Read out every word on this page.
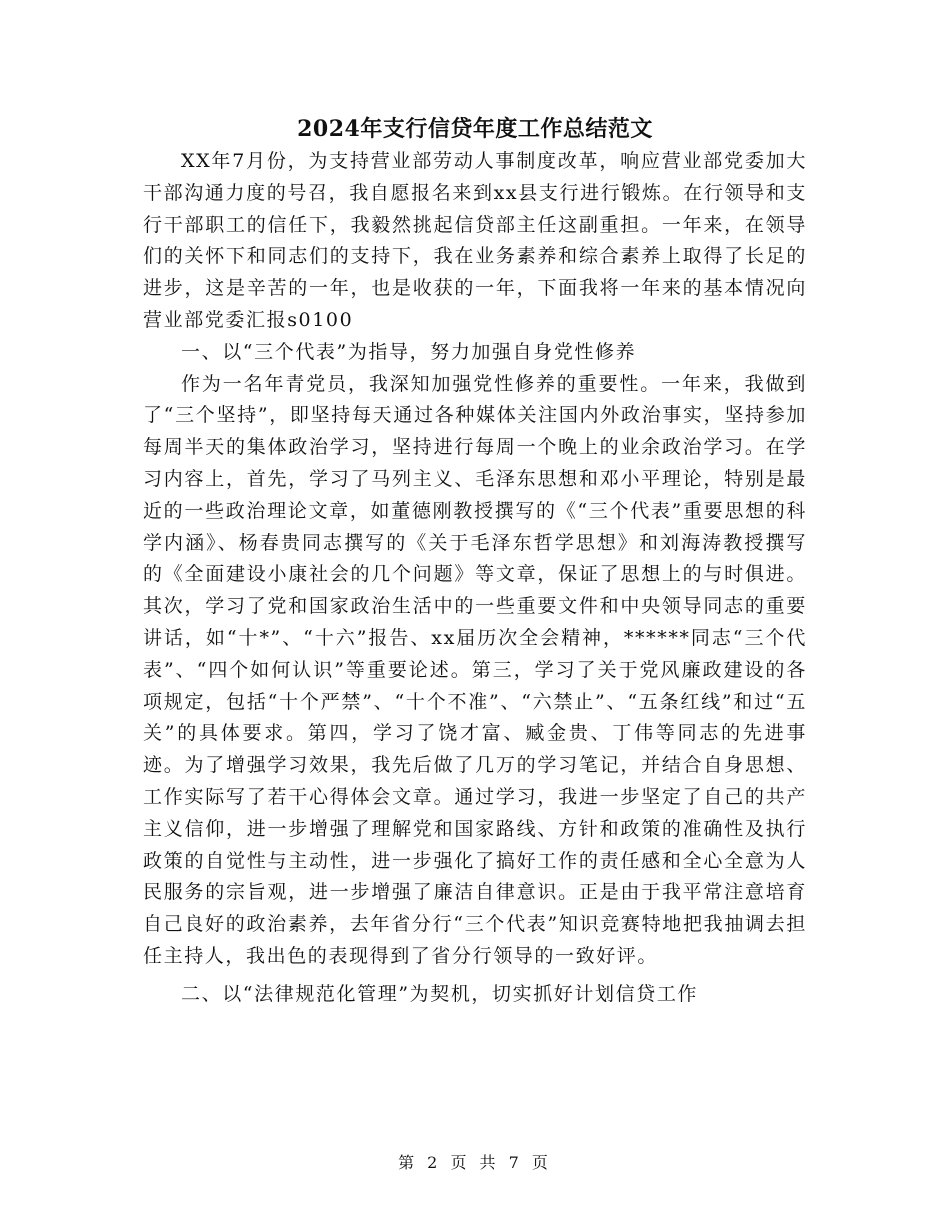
2024年支行信贷年度工作总结范文

XX年7月份，为支持营业部劳动人事制度改革，响应营业部党委加大干部沟通力度的号召，我自愿报名来到xx县支行进行锻炼。在行领导和支行干部职工的信任下，我毅然挑起信贷部主任这副重担。一年来，在领导们的关怀下和同志们的支持下，我在业务素养和综合素养上取得了长足的进步，这是辛苦的一年，也是收获的一年，下面我将一年来的基本情况向营业部党委汇报s0100

一、以“三个代表”为指导，努力加强自身党性修养

作为一名年青党员，我深知加强党性修养的重要性。一年来，我做到了“三个坚持”，即坚持每天通过各种媒体关注国内外政治事实，坚持参加每周半天的集体政治学习，坚持进行每周一个晚上的业余政治学习。在学习内容上，首先，学习了马列主义、毛泽东思想和邓小平理论，特别是最近的一些政治理论文章，如董德刚教授撰写的《“三个代表”重要思想的科学内涵》、杨春贵同志撰写的《关于毛泽东哲学思想》和刘海涛教授撰写的《全面建设小康社会的几个问题》等文章，保证了思想上的与时俱进。其次，学习了党和国家政治生活中的一些重要文件和中央领导同志的重要讲话，如“十*”、“十六”报告、xx届历次全会精神，******同志“三个代表”、“四个如何认识”等重要论述。第三，学习了关于党风廉政建设的各项规定，包括“十个严禁”、“十个不准”、“六禁止”、“五条红线”和过“五关”的具体要求。第四，学习了饶才富、臧金贵、丁伟等同志的先进事迹。为了增强学习效果，我先后做了几万的学习笔记，并结合自身思想、工作实际写了若干心得体会文章。通过学习，我进一步坚定了自己的共产主义信仰，进一步增强了理解党和国家路线、方针和政策的准确性及执行政策的自觉性与主动性，进一步强化了搞好工作的责任感和全心全意为人民服务的宗旨观，进一步增强了廉洁自律意识。正是由于我平常注意培育自己良好的政治素养，去年省分行“三个代表”知识竞赛特地把我抽调去担任主持人，我出色的表现得到了省分行领导的一致好评。

二、以“法律规范化管理”为契机，切实抓好计划信贷工作

第 2 页 共 7 页
